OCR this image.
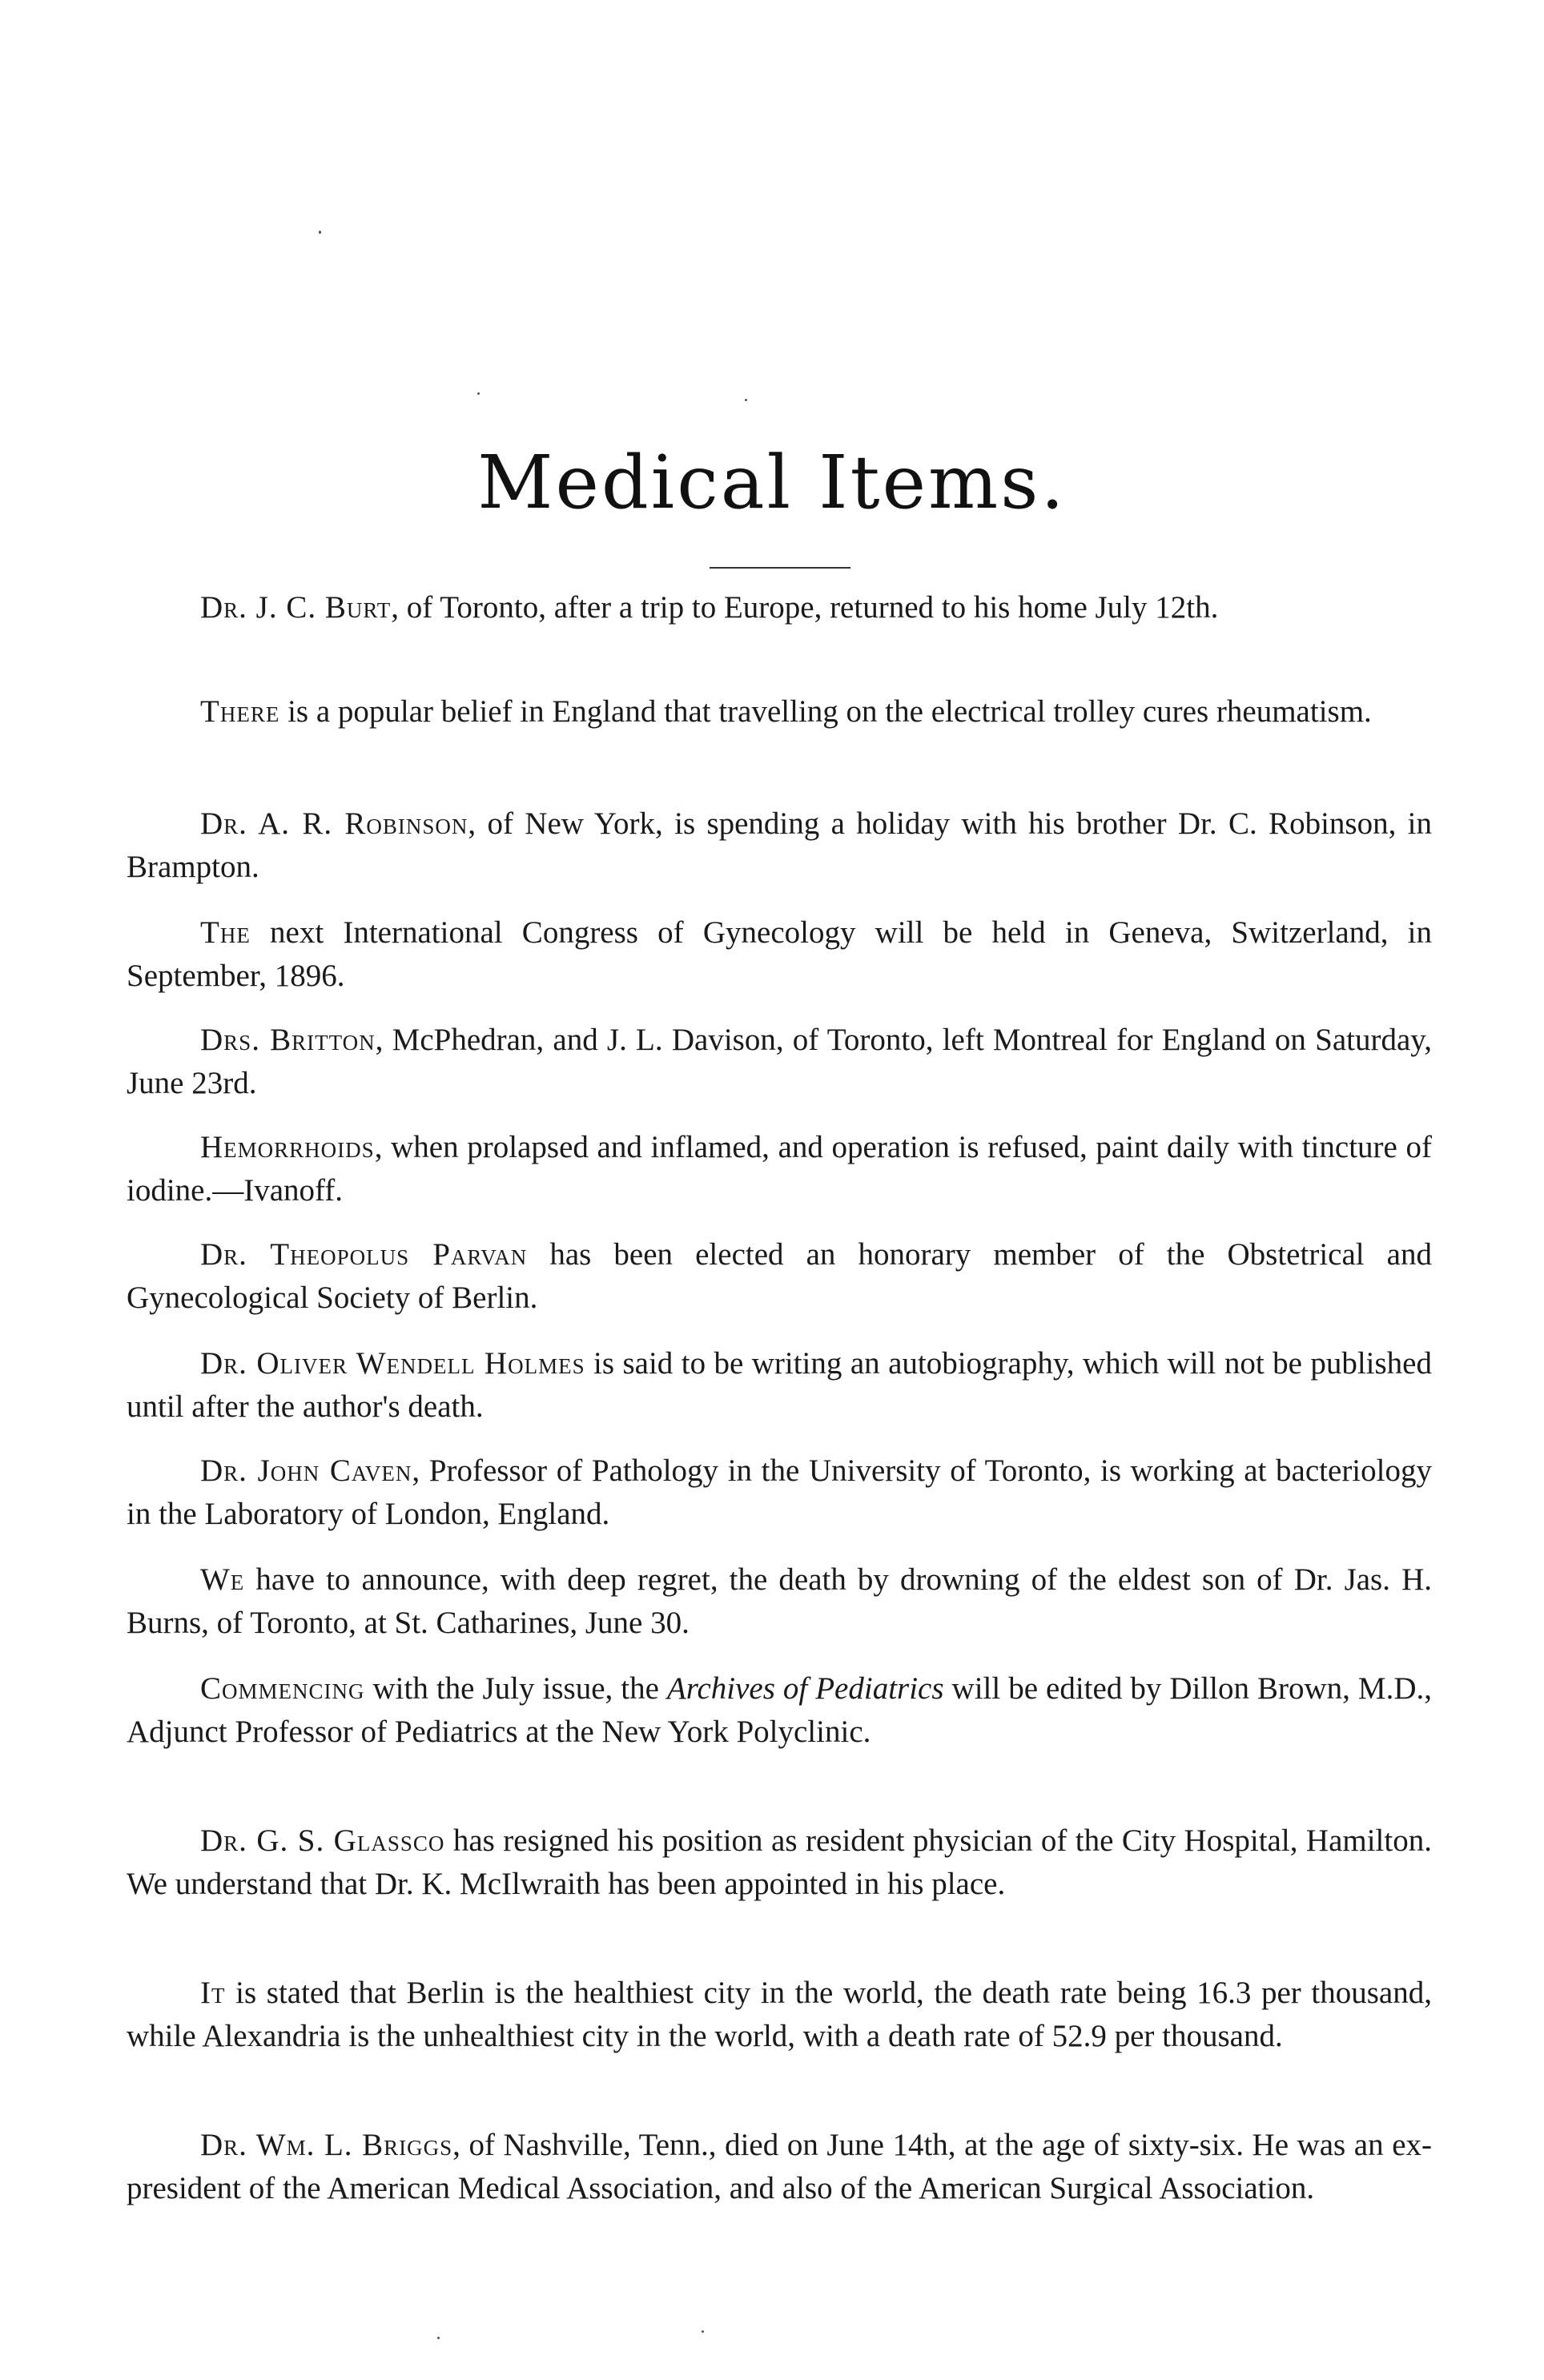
Medical Items.

Dr. J. C. Burt, of Toronto, after a trip to Europe, returned to his home July 12th.

There is a popular belief in England that travelling on the electrical trolley cures rheumatism.

Dr. A. R. Robinson, of New York, is spending a holiday with his brother Dr. C. Robinson, in Brampton.

The next International Congress of Gynecology will be held in Geneva, Switzerland, in September, 1896.

Drs. Britton, McPhedran, and J. L. Davison, of Toronto, left Montreal for England on Saturday, June 23rd.

Hemorrhoids, when prolapsed and inflamed, and operation is refused, paint daily with tincture of iodine.—Ivanoff.

Dr. Theopolus Parvan has been elected an honorary member of the Obstetrical and Gynecological Society of Berlin.

Dr. Oliver Wendell Holmes is said to be writing an autobiography, which will not be published until after the author's death.

Dr. John Caven, Professor of Pathology in the University of Toronto, is working at bacteriology in the Laboratory of London, England.

We have to announce, with deep regret, the death by drowning of the eldest son of Dr. Jas. H. Burns, of Toronto, at St. Catharines, June 30.

Commencing with the July issue, the Archives of Pediatrics will be edited by Dillon Brown, M.D., Adjunct Professor of Pediatrics at the New York Polyclinic.

Dr. G. S. Glassco has resigned his position as resident physician of the City Hospital, Hamilton. We understand that Dr. K. McIlwraith has been appointed in his place.

It is stated that Berlin is the healthiest city in the world, the death rate being 16.3 per thousand, while Alexandria is the unhealthiest city in the world, with a death rate of 52.9 per thousand.

Dr. Wm. L. Briggs, of Nashville, Tenn., died on June 14th, at the age of sixty-six. He was an ex-president of the American Medical Association, and also of the American Surgical Association.
